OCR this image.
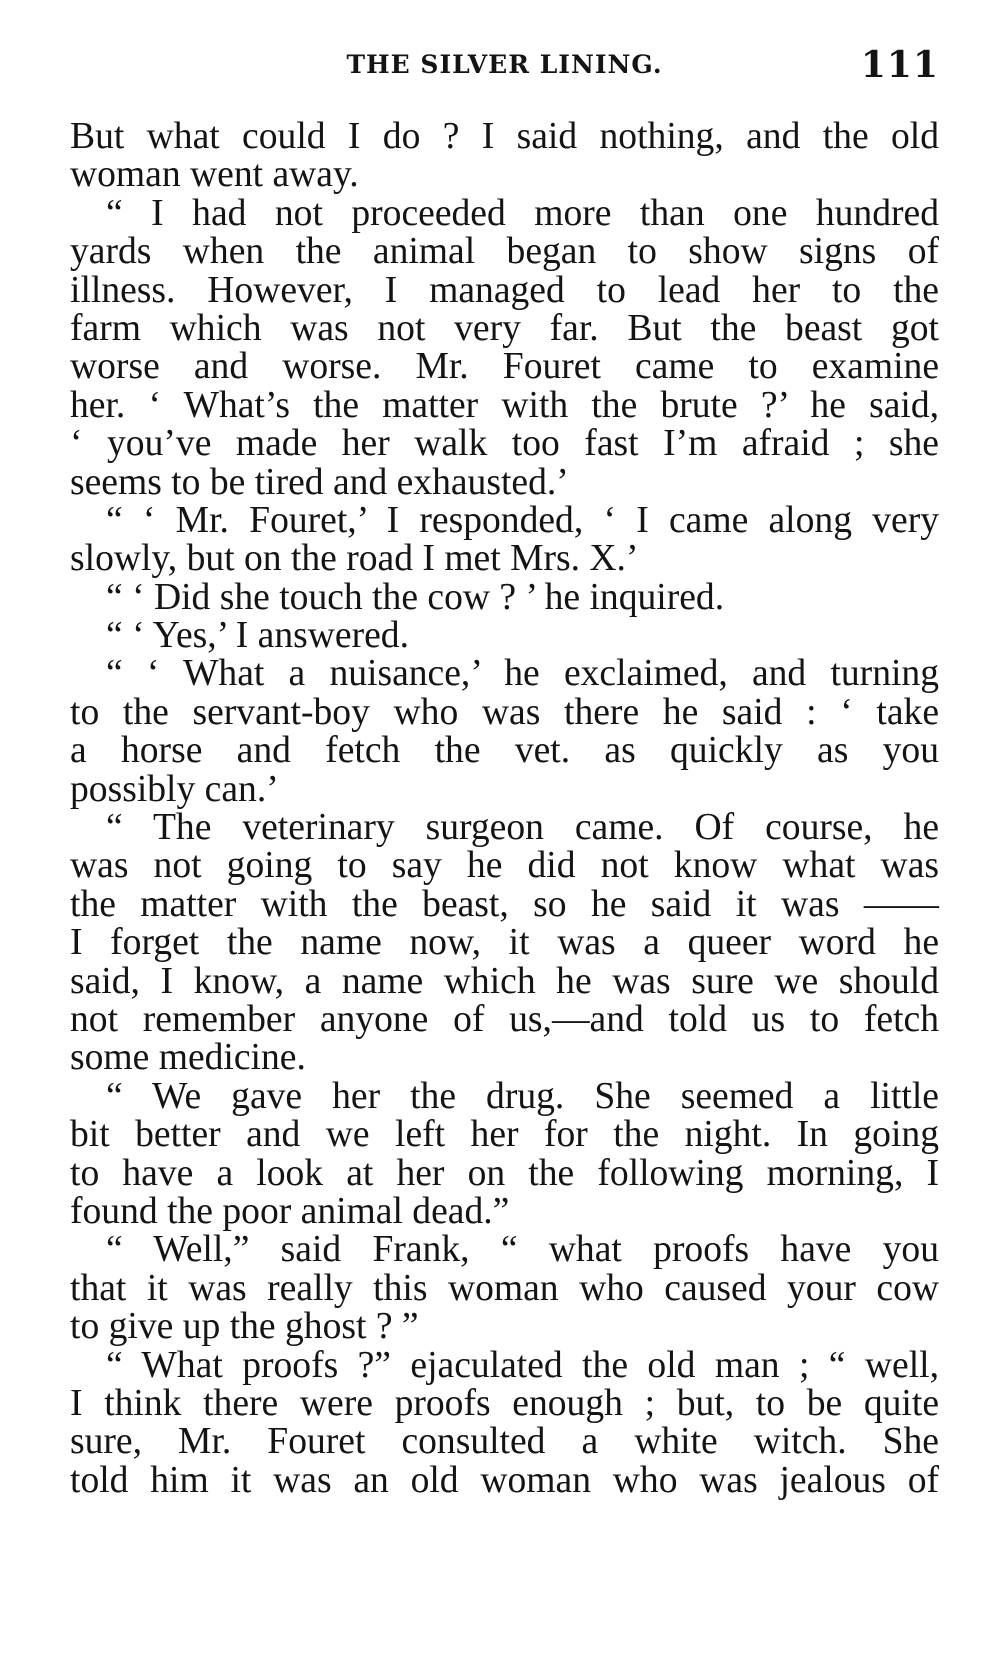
THE SILVER LINING.	111
But what could I do ? I said nothing, and the old
woman went away.
“ I had not proceeded more than one hundred
yards when the animal began to show signs of
illness. However, I managed to lead her to the
farm which was not very far. But the beast got
worse and worse. Mr. Fouret came to examine
her. ‘ What’s the matter with the brute ?’ he said,
‘ you’ve made her walk too fast I’m afraid ; she
seems to be tired and exhausted.’
“ ‘ Mr. Fouret,’ I responded, ‘ I came along very
slowly, but on the road I met Mrs. X.’
“ ‘ Did she touch the cow ? ’ he inquired.
“ ‘ Yes,’ I answered.
“ ‘ What a nuisance,’ he exclaimed, and turning
to the servant-boy who was there he said : ‘ take
a horse and fetch the vet. as quickly as you
possibly can.’
“ The veterinary surgeon came. Of course, he
was not going to say he did not know what was
the matter with the beast, so he said it was ——
I forget the name now, it was a queer word he
said, I know, a name which he was sure we should
not remember anyone of us,—and told us to fetch
some medicine.
“ We gave her the drug. She seemed a little
bit better and we left her for the night. In going
to have a look at her on the following morning, I
found the poor animal dead.”
“ Well,” said Frank, “ what proofs have you
that it was really this woman who caused your cow
to give up the ghost ? ”
“ What proofs ?” ejaculated the old man ; “ well,
I think there were proofs enough ; but, to be quite
sure, Mr. Fouret consulted a white witch. She
told him it was an old woman who was jealous of
